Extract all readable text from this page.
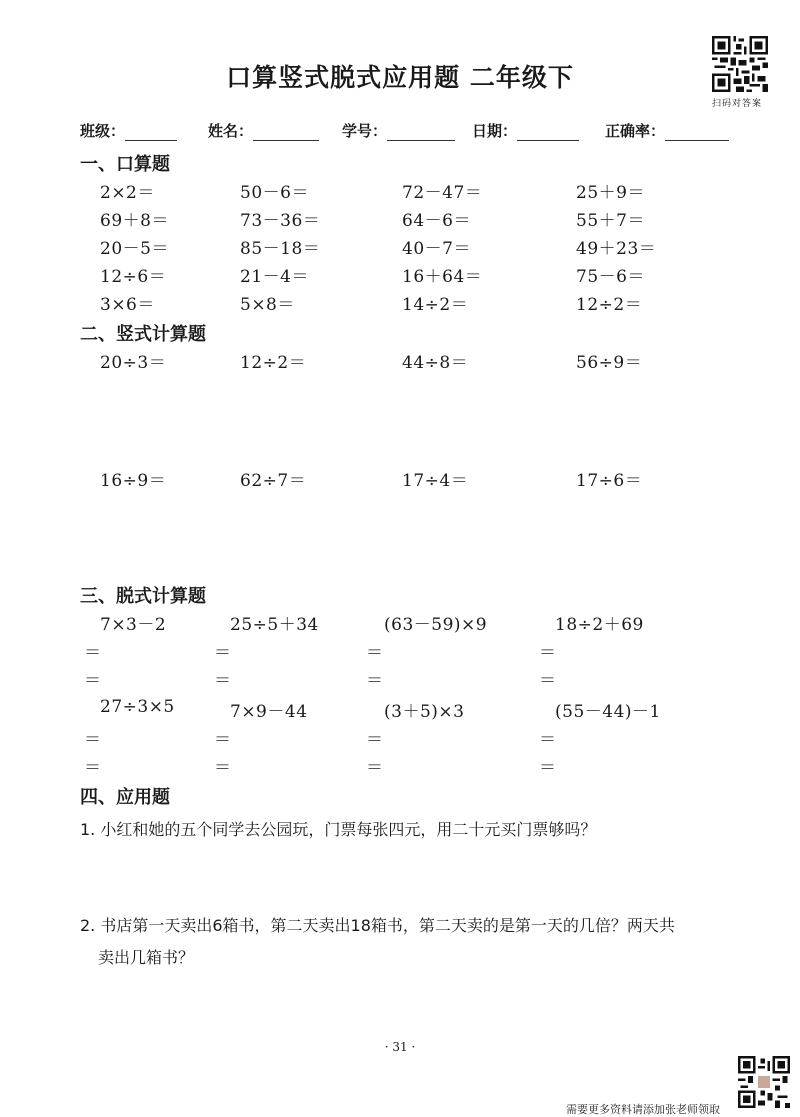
口算竖式脱式应用题 二年级下
扫码对答案
班级：	姓名：	学号：	日期：	正确率：
一、口算题
2×2＝	50－6＝	72－47＝	25＋9＝
69＋8＝	73－36＝	64－6＝	55＋7＝
20－5＝	85－18＝	40－7＝	49＋23＝
12÷6＝	21－4＝	16＋64＝	75－6＝
3×6＝	5×8＝	14÷2＝	12÷2＝
二、竖式计算题
20÷3＝	12÷2＝	44÷8＝	56÷9＝
16÷9＝	62÷7＝	17÷4＝	17÷6＝
三、脱式计算题
7×3－2	25÷5＋34	(63－59)×9	18÷2＋69
＝	＝	＝	＝
＝	＝	＝	＝
27÷3×5	7×9－44	(3＋5)×3	(55－44)－1
＝	＝	＝	＝
＝	＝	＝	＝
四、应用题
1. 小红和她的五个同学去公园玩，门票每张四元，用二十元买门票够吗？
2. 书店第一天卖出6箱书，第二天卖出18箱书，第二天卖的是第一天的几倍？两天共
卖出几箱书？
· 31 ·
需要更多资料请添加张老师领取
